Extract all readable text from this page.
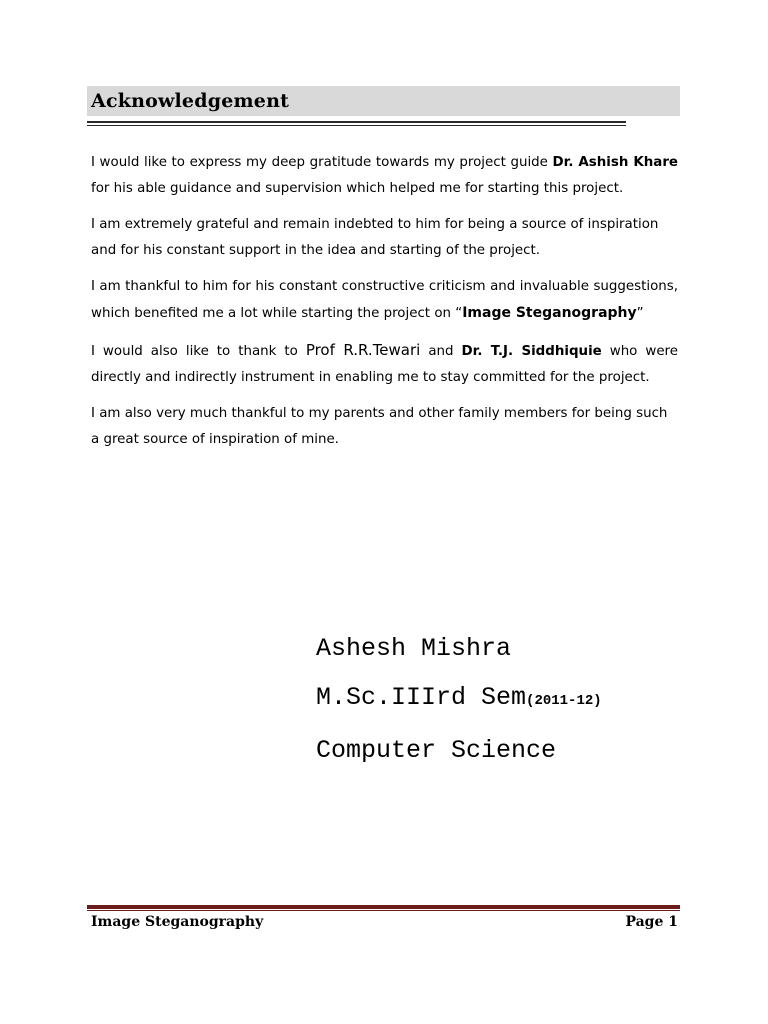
Acknowledgement

I would like to express my deep gratitude towards my project guide Dr. Ashish Khare for his able guidance and supervision which helped me for starting this project.

I am extremely grateful and remain indebted to him for being a source of inspiration and for his constant support in the idea and starting of the project.

I am thankful to him for his constant constructive criticism and invaluable suggestions, which benefited me a lot while starting the project on “Image Steganography”

I would also like to thank to Prof R.R.Tewari and Dr. T.J. Siddhiquie who were directly and indirectly instrument in enabling me to stay committed for the project.

I am also very much thankful to my parents and other family members for being such a great source of inspiration of mine.

Ashesh Mishra
M.Sc.IIIrd Sem(2011-12)
Computer Science
Image Steganography	Page 1
